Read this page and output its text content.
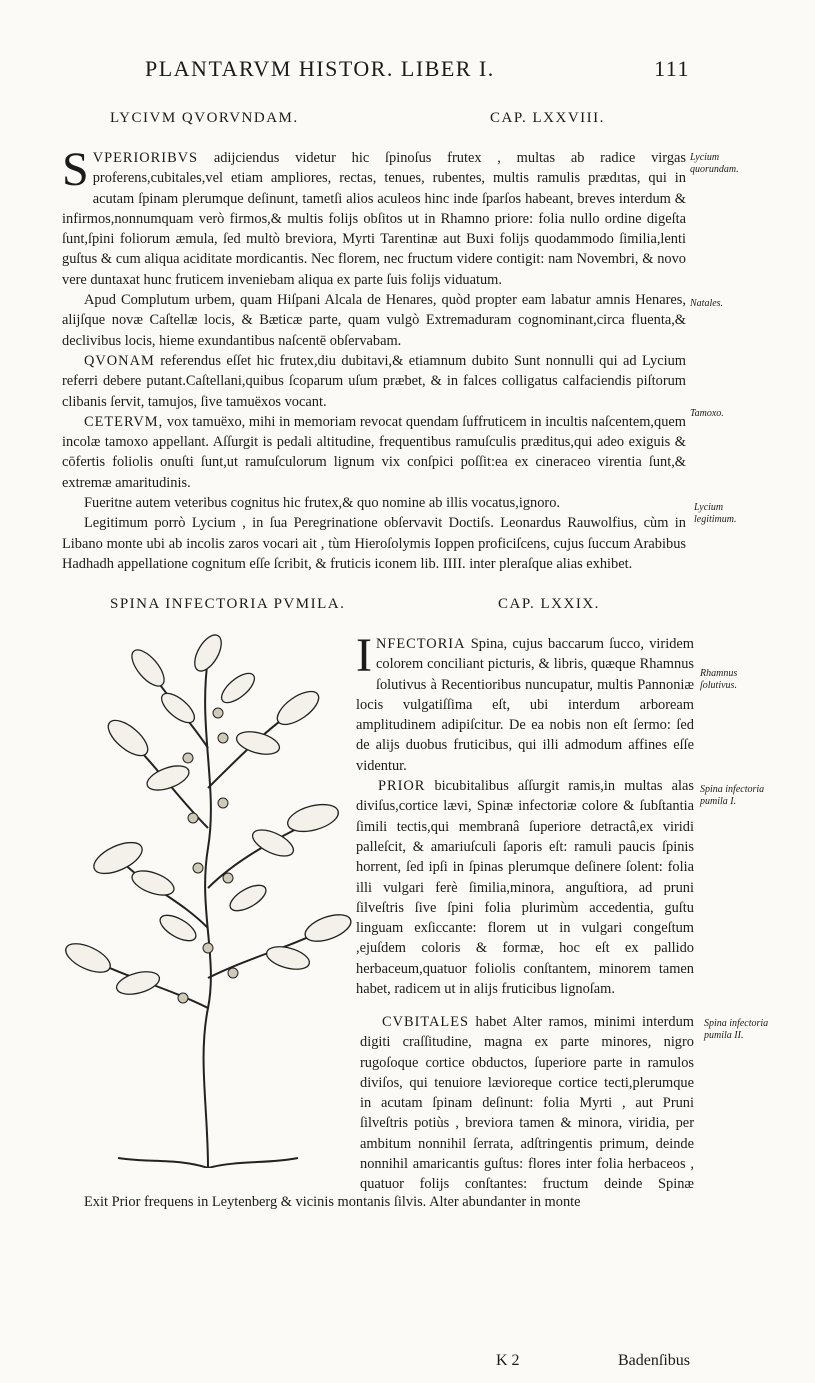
PLANTARVM HISTOR. LIBER I.	111
LYCIVM QVORVNDAM.	CAP. LXXVIII.

SVPERIORIBVS adijciendus videtur hic ſpinoſus frutex , multas ab radice virgas proferens,cubitales,vel etiam ampliores, rectas, tenues, rubentes, multis ramulis prædıtas, qui in acutam ſpinam plerumque deſinunt, tametſi alios aculeos hinc inde ſparſos habeant, breves interdum & infirmos,nonnumquam verò firmos,& multis folijs obſitos ut in Rhamno priore: folia nullo ordine digeſta ſunt,ſpini foliorum æmula, ſed multò breviora, Myrti Tarentinæ aut Buxi folijs quodammodo ſimilia,lenti guſtus & cum aliqua aciditate mordicantis. Nec florem, nec fructum videre contigit: nam Novembri, & novo vere duntaxat hunc fruticem inveniebam aliqua ex parte ſuis folijs viduatum.

Apud Complutum urbem, quam Hiſpani Alcala de Henares, quòd propter eam labatur amnis Henares, alijſque novæ Caſtellæ locis, & Bæticæ parte, quam vulgò Extremaduram cognominant,circa fluenta,& declivibus locis, hieme exundantibus naſcentē obſervabam.

QVONAM referendus eſſet hic frutex,diu dubitavi,& etiamnum dubito Sunt nonnulli qui ad Lycium referri debere putant.Caſtellani,quibus ſcoparum uſum præbet, & in falces colligatus calfaciendis piſtorum clibanis ſervit, tamujos, ſive tamuëxos vocant.

CETERVM, vox tamuëxo, mihi in memoriam revocat quendam ſuffruticem in incultis naſcentem,quem incolæ tamoxo appellant. Aſſurgit is pedali altitudine, frequentibus ramuſculis præditus,qui adeo exiguis & cōfertis foliolis onuſti ſunt,ut ramuſculorum lignum vix conſpici poſſit:ea ex cineraceo virentia ſunt,& extremæ amaritudinis.

Fueritne autem veteribus cognitus hic frutex,& quo nomine ab illis vocatus,ignoro.

Legitimum porrò Lycium , in ſua Peregrinatione obſervavit Doctiſs. Leonardus Rauwolfius, cùm in Libano monte ubi ab incolis zaros vocari ait , tùm Hieroſolymis Ioppen proficiſcens, cujus ſuccum Arabibus Hadhadh appellatione cognitum eſſe ſcribit, & fruticis iconem lib. IIII. inter pleraſque alias exhibet.

Lycium quorundam.
Natales.
Tamoxo.
Lycium legitimum.
SPINA INFECTORIA PVMILA.	CAP. LXXIX.

INFECTORIA Spina, cujus baccarum ſucco, viridem colorem conciliant picturis, & libris, quæque Rhamnus ſolutivus à Recentioribus nuncupatur, multis Pannoniæ locis vulgatiſſima eſt, ubi interdum arboream amplitudinem adipiſcitur. De ea nobis non eſt ſermo: ſed de alijs duobus fruticibus, qui illi admodum affines eſſe videntur.

PRIOR bicubitalibus aſſurgit ramis,in multas alas diviſus,cortice lævi, Spinæ infectoriæ colore & ſubſtantia ſimili tectis,qui membranâ ſuperiore detractâ,ex viridi palleſcit, & amariuſculi ſaporis eſt: ramuli paucis ſpinis horrent, ſed ipſi in ſpinas plerumque deſinere ſolent: folia illi vulgari ferè ſimilia,minora, anguſtiora, ad pruni ſilveſtris ſive ſpini folia plurimùm accedentia, guſtu linguam exſiccante: florem ut in vulgari congeſtum ,ejuſdem coloris & formæ, hoc eſt ex pallido herbaceum,quatuor foliolis conſtantem, minorem tamen habet, radicem ut in alijs fruticibus lignoſam.

CVBITALES habet Alter ramos, minimi interdum digiti craſſitudine, magna ex parte minores, nigro rugoſoque cortice obductos, ſuperiore parte in ramulos diviſos, qui tenuiore lævioreque cortice tecti,plerumque in acutam ſpinam deſinunt: folia Myrti , aut Pruni ſilveſtris potiùs , breviora tamen & minora, viridia, per ambitum nonnihil ſerrata, adſtringentis primum, deinde nonnihil amaricantis guſtus: flores inter folia herbaceos , quatuor folijs conſtantes: fructum deinde Spinæ

Exit Prior frequens in Leytenberg & vicinis montanis ſilvis. Alter abundanter in monte

Rhamnus ſolutivus.
Spina infectoria pumila I.
Spina infectoria pumila II.
K 2	Badenſibus
